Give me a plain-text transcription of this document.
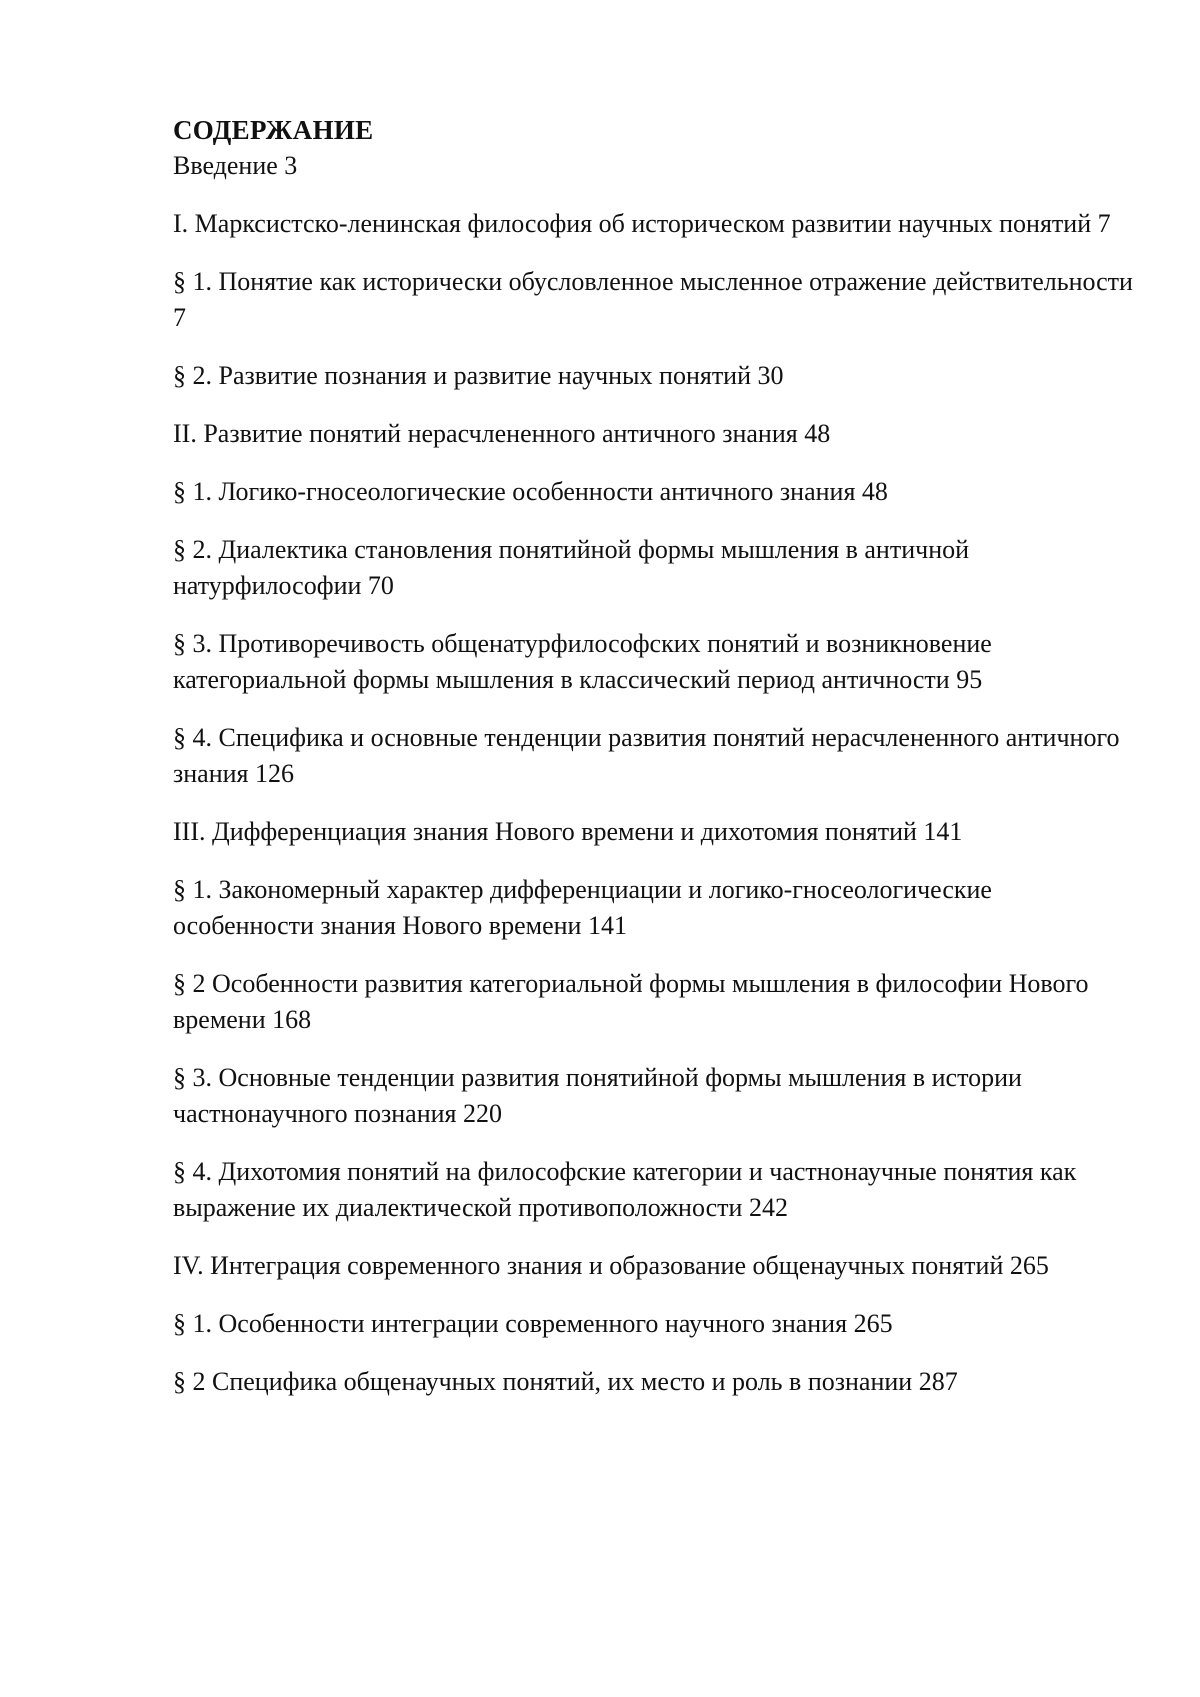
СОДЕРЖАНИЕ
Введение 3
I. Марксистско-ленинская философия об историческом развитии научных понятий 7
§ 1. Понятие как исторически обусловленное мысленное отражение действительности 7
§ 2. Развитие познания и развитие научных понятий 30
II. Развитие понятий нерасчлененного античного знания 48
§ 1. Логико-гносеологические особенности античного знания 48
§ 2. Диалектика становления понятийной формы мышления в античной натурфилософии 70
§ 3. Противоречивость общенатурфилософских понятий и возникновение категориальной формы мышления в классический период античности 95
§ 4. Специфика и основные тенденции развития понятий нерасчлененного античного знания 126
III. Дифференциация знания Нового времени и дихотомия понятий 141
§ 1. Закономерный характер дифференциации и логико-гносеологические особенности знания Нового времени 141
§ 2 Особенности развития категориальной формы мышления в философии Нового времени 168
§ 3. Основные тенденции развития понятийной формы мышления в истории частнонаучного познания 220
§ 4. Дихотомия понятий на философские категории и частнонаучные понятия как выражение их диалектической противоположности 242
IV. Интеграция современного знания и образование общенаучных понятий 265
§ 1. Особенности интеграции современного научного знания 265
§ 2 Специфика общенаучных понятий, их место и роль в познании 287
